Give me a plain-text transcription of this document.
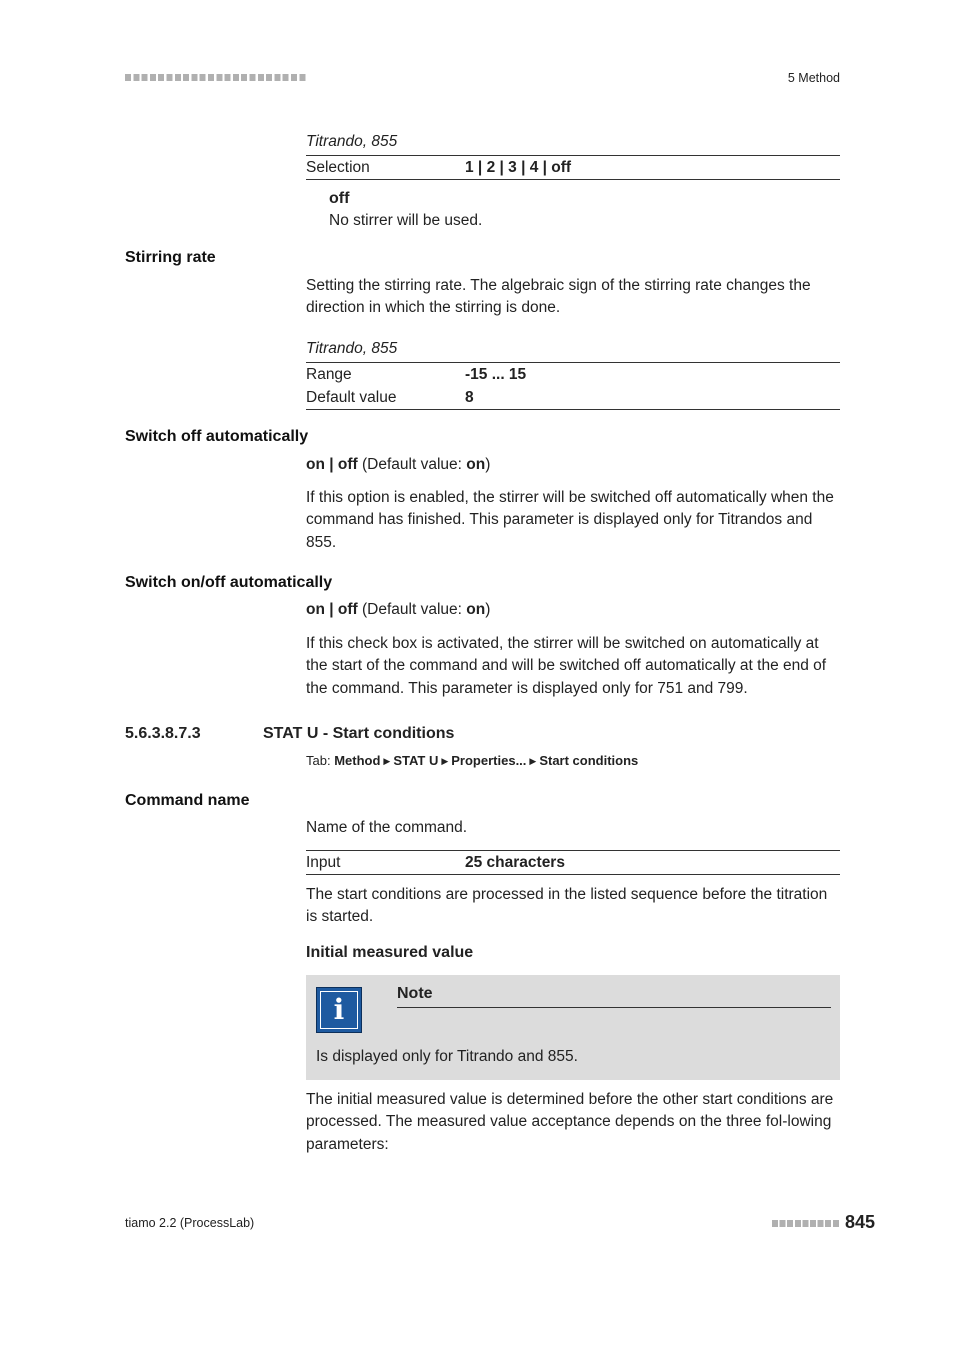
5 Method
Titrando, 855
Selection	1 | 2 | 3 | 4 | off
off
No stirrer will be used.
Stirring rate
Setting the stirring rate. The algebraic sign of the stirring rate changes the direction in which the stirring is done.
Titrando, 855
Range	-15 ... 15
Default value	8
Switch off automatically
on | off (Default value: on)
If this option is enabled, the stirrer will be switched off automatically when the command has finished. This parameter is displayed only for Titrandos and 855.
Switch on/off automatically
on | off (Default value: on)
If this check box is activated, the stirrer will be switched on automatically at the start of the command and will be switched off automatically at the end of the command. This parameter is displayed only for 751 and 799.
5.6.3.8.7.3	STAT U - Start conditions
Tab: Method ▶ STAT U ▶ Properties... ▶ Start conditions
Command name
Name of the command.
Input	25 characters
The start conditions are processed in the listed sequence before the titration is started.
Initial measured value
i	Note
Is displayed only for Titrando and 855.
The initial measured value is determined before the other start conditions are processed. The measured value acceptance depends on the three fol-lowing parameters:
tiamo 2.2 (ProcessLab)	845
